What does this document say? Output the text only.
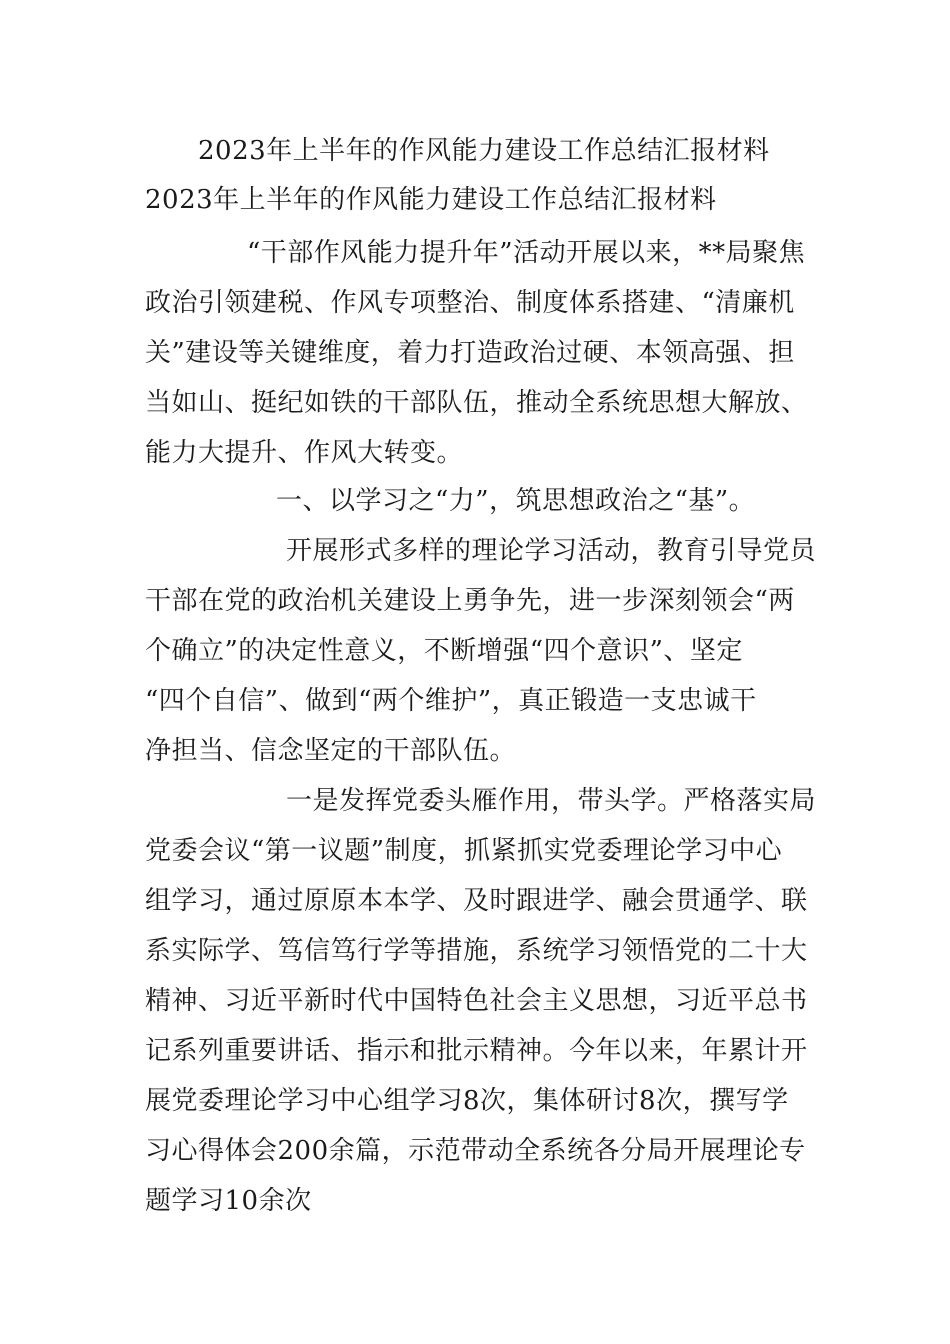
2023年上半年的作风能力建设工作总结汇报材料
2023年上半年的作风能力建设工作总结汇报材料
“干部作风能力提升年”活动开展以来，**局聚焦
政治引领建税、作风专项整治、制度体系搭建、“清廉机
关”建设等关键维度，着力打造政治过硬、本领高强、担
当如山、挺纪如铁的干部队伍，推动全系统思想大解放、
能力大提升、作风大转变。
一、以学习之“力”，筑思想政治之“基”。
开展形式多样的理论学习活动，教育引导党员
干部在党的政治机关建设上勇争先，进一步深刻领会“两
个确立”的决定性意义，不断增强“四个意识”、坚定
“四个自信”、做到“两个维护”，真正锻造一支忠诚干
净担当、信念坚定的干部队伍。
一是发挥党委头雁作用，带头学。严格落实局
党委会议“第一议题”制度，抓紧抓实党委理论学习中心
组学习，通过原原本本学、及时跟进学、融会贯通学、联
系实际学、笃信笃行学等措施，系统学习领悟党的二十大
精神、习近平新时代中国特色社会主义思想，习近平总书
记系列重要讲话、指示和批示精神。今年以来，年累计开
展党委理论学习中心组学习8次，集体研讨8次，撰写学
习心得体会200余篇，示范带动全系统各分局开展理论专
题学习10余次
